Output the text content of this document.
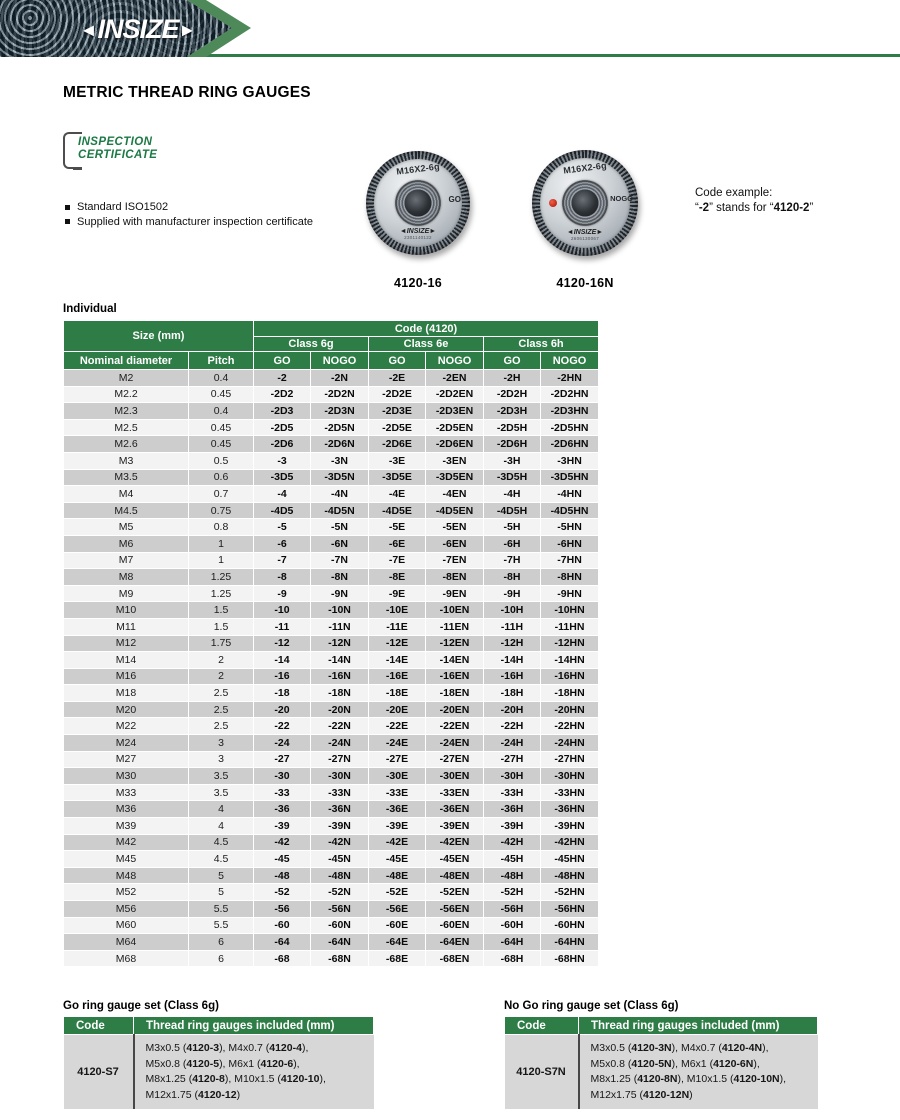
◄INSIZE►
METRIC THREAD RING GAUGES
INSPECTION
CERTIFICATE
Standard ISO1502
Supplied with manufacturer inspection certificate
M16X2-6g
GO
◄INSIZE►
2301140122
4120-16
M16X2-6g
NOGO
◄INSIZE►
2606130067
4120-16N
Code example:
“-2” stands for “4120-2”
Individual
Size (mm)		Code (4120)					
		Class 6g		Class 6e		Class 6h	
Nominal diameter	Pitch	GO	NOGO	GO	NOGO	GO	NOGO
M2	0.4	-2	-2N	-2E	-2EN	-2H	-2HN
M2.2	0.45	-2D2	-2D2N	-2D2E	-2D2EN	-2D2H	-2D2HN
M2.3	0.4	-2D3	-2D3N	-2D3E	-2D3EN	-2D3H	-2D3HN
M2.5	0.45	-2D5	-2D5N	-2D5E	-2D5EN	-2D5H	-2D5HN
M2.6	0.45	-2D6	-2D6N	-2D6E	-2D6EN	-2D6H	-2D6HN
M3	0.5	-3	-3N	-3E	-3EN	-3H	-3HN
M3.5	0.6	-3D5	-3D5N	-3D5E	-3D5EN	-3D5H	-3D5HN
M4	0.7	-4	-4N	-4E	-4EN	-4H	-4HN
M4.5	0.75	-4D5	-4D5N	-4D5E	-4D5EN	-4D5H	-4D5HN
M5	0.8	-5	-5N	-5E	-5EN	-5H	-5HN
M6	1	-6	-6N	-6E	-6EN	-6H	-6HN
M7	1	-7	-7N	-7E	-7EN	-7H	-7HN
M8	1.25	-8	-8N	-8E	-8EN	-8H	-8HN
M9	1.25	-9	-9N	-9E	-9EN	-9H	-9HN
M10	1.5	-10	-10N	-10E	-10EN	-10H	-10HN
M11	1.5	-11	-11N	-11E	-11EN	-11H	-11HN
M12	1.75	-12	-12N	-12E	-12EN	-12H	-12HN
M14	2	-14	-14N	-14E	-14EN	-14H	-14HN
M16	2	-16	-16N	-16E	-16EN	-16H	-16HN
M18	2.5	-18	-18N	-18E	-18EN	-18H	-18HN
M20	2.5	-20	-20N	-20E	-20EN	-20H	-20HN
M22	2.5	-22	-22N	-22E	-22EN	-22H	-22HN
M24	3	-24	-24N	-24E	-24EN	-24H	-24HN
M27	3	-27	-27N	-27E	-27EN	-27H	-27HN
M30	3.5	-30	-30N	-30E	-30EN	-30H	-30HN
M33	3.5	-33	-33N	-33E	-33EN	-33H	-33HN
M36	4	-36	-36N	-36E	-36EN	-36H	-36HN
M39	4	-39	-39N	-39E	-39EN	-39H	-39HN
M42	4.5	-42	-42N	-42E	-42EN	-42H	-42HN
M45	4.5	-45	-45N	-45E	-45EN	-45H	-45HN
M48	5	-48	-48N	-48E	-48EN	-48H	-48HN
M52	5	-52	-52N	-52E	-52EN	-52H	-52HN
M56	5.5	-56	-56N	-56E	-56EN	-56H	-56HN
M60	5.5	-60	-60N	-60E	-60EN	-60H	-60HN
M64	6	-64	-64N	-64E	-64EN	-64H	-64HN
M68	6	-68	-68N	-68E	-68EN	-68H	-68HN
Go ring gauge set (Class 6g)
Code	Thread ring gauges included (mm)
4120-S7	M3x0.5 (4120-3), M4x0.7 (4120-4),
M5x0.8 (4120-5), M6x1 (4120-6),
M8x1.25 (4120-8), M10x1.5 (4120-10),
M12x1.75 (4120-12)
No Go ring gauge set (Class 6g)
Code	Thread ring gauges included (mm)
4120-S7N	M3x0.5 (4120-3N), M4x0.7 (4120-4N),
M5x0.8 (4120-5N), M6x1 (4120-6N),
M8x1.25 (4120-8N), M10x1.5 (4120-10N),
M12x1.75 (4120-12N)
